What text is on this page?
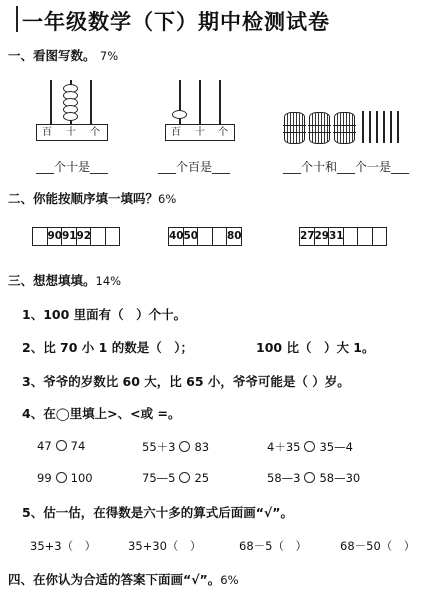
一年级数学（下）期中检测试卷
一、看图写数。 7%
百 十 个	百 十 个
___个十是___	___个百是___	___个十和___个一是___
二、你能按顺序填一填吗？6%
90 91 92	40 50	80	27 29 31
三、想想填填。14%
1、100 里面有（　）个十。
2、比 70 小 1 的数是（　）；	100 比（　）大 1。
3、爷爷的岁数比 60 大，比 65 小，爷爷可能是（ ）岁。
4、在◯里填上>、<或 =。
47 74	55＋3 83	4＋35 35—4
99 100	75—5 25	58—3 58—30
5、估一估，在得数是六十多的算式后面画“√”。
35+3（　）	35+30（　）	68－5（　）	68－50（　）
四、在你认为合适的答案下面画“√”。6%
